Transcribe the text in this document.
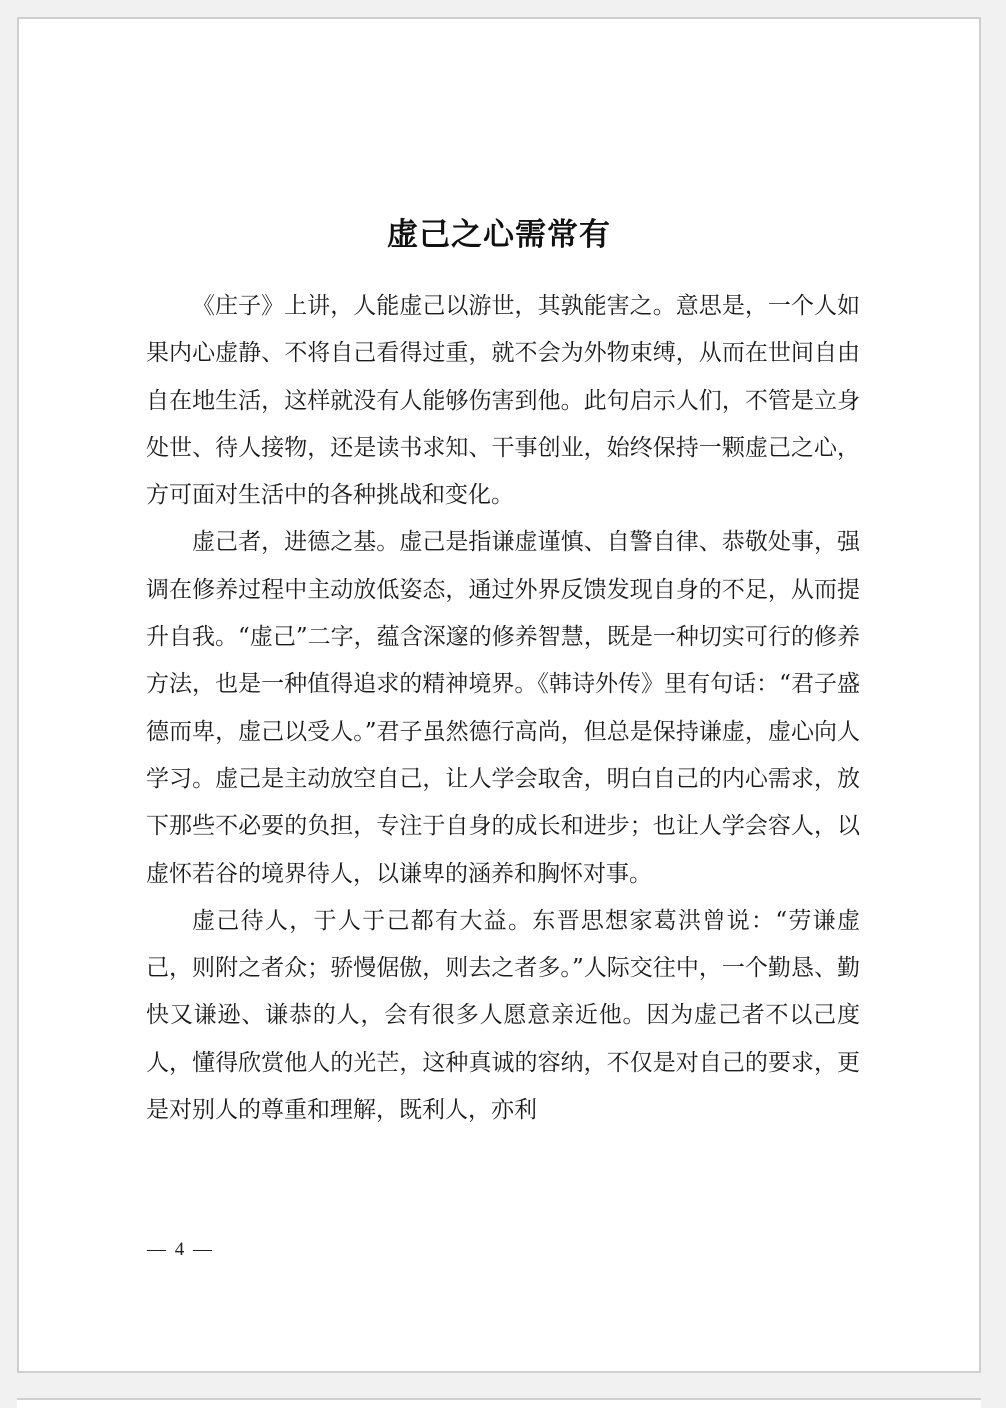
虚己之心需常有

《庄子》上讲，人能虚己以游世，其孰能害之。意思是，一个人如果内心虚静、不将自己看得过重，就不会为外物束缚，从而在世间自由自在地生活，这样就没有人能够伤害到他。此句启示人们，不管是立身处世、待人接物，还是读书求知、干事创业，始终保持一颗虚己之心，方可面对生活中的各种挑战和变化。

虚己者，进德之基。虚己是指谦虚谨慎、自警自律、恭敬处事，强调在修养过程中主动放低姿态，通过外界反馈发现自身的不足，从而提升自我。“虚己”二字，蕴含深邃的修养智慧，既是一种切实可行的修养方法，也是一种值得追求的精神境界。《韩诗外传》里有句话：“君子盛德而卑，虚己以受人。”君子虽然德行高尚，但总是保持谦虚，虚心向人学习。虚己是主动放空自己，让人学会取舍，明白自己的内心需求，放下那些不必要的负担，专注于自身的成长和进步；也让人学会容人，以虚怀若谷的境界待人，以谦卑的涵养和胸怀对事。

虚己待人，于人于己都有大益。东晋思想家葛洪曾说：“劳谦虚己，则附之者众；骄慢倨傲，则去之者多。”人际交往中，一个勤恳、勤快又谦逊、谦恭的人，会有很多人愿意亲近他。因为虚己者不以己度人，懂得欣赏他人的光芒，这种真诚的容纳，不仅是对自己的要求，更是对别人的尊重和理解，既利人，亦利

— 4 —
